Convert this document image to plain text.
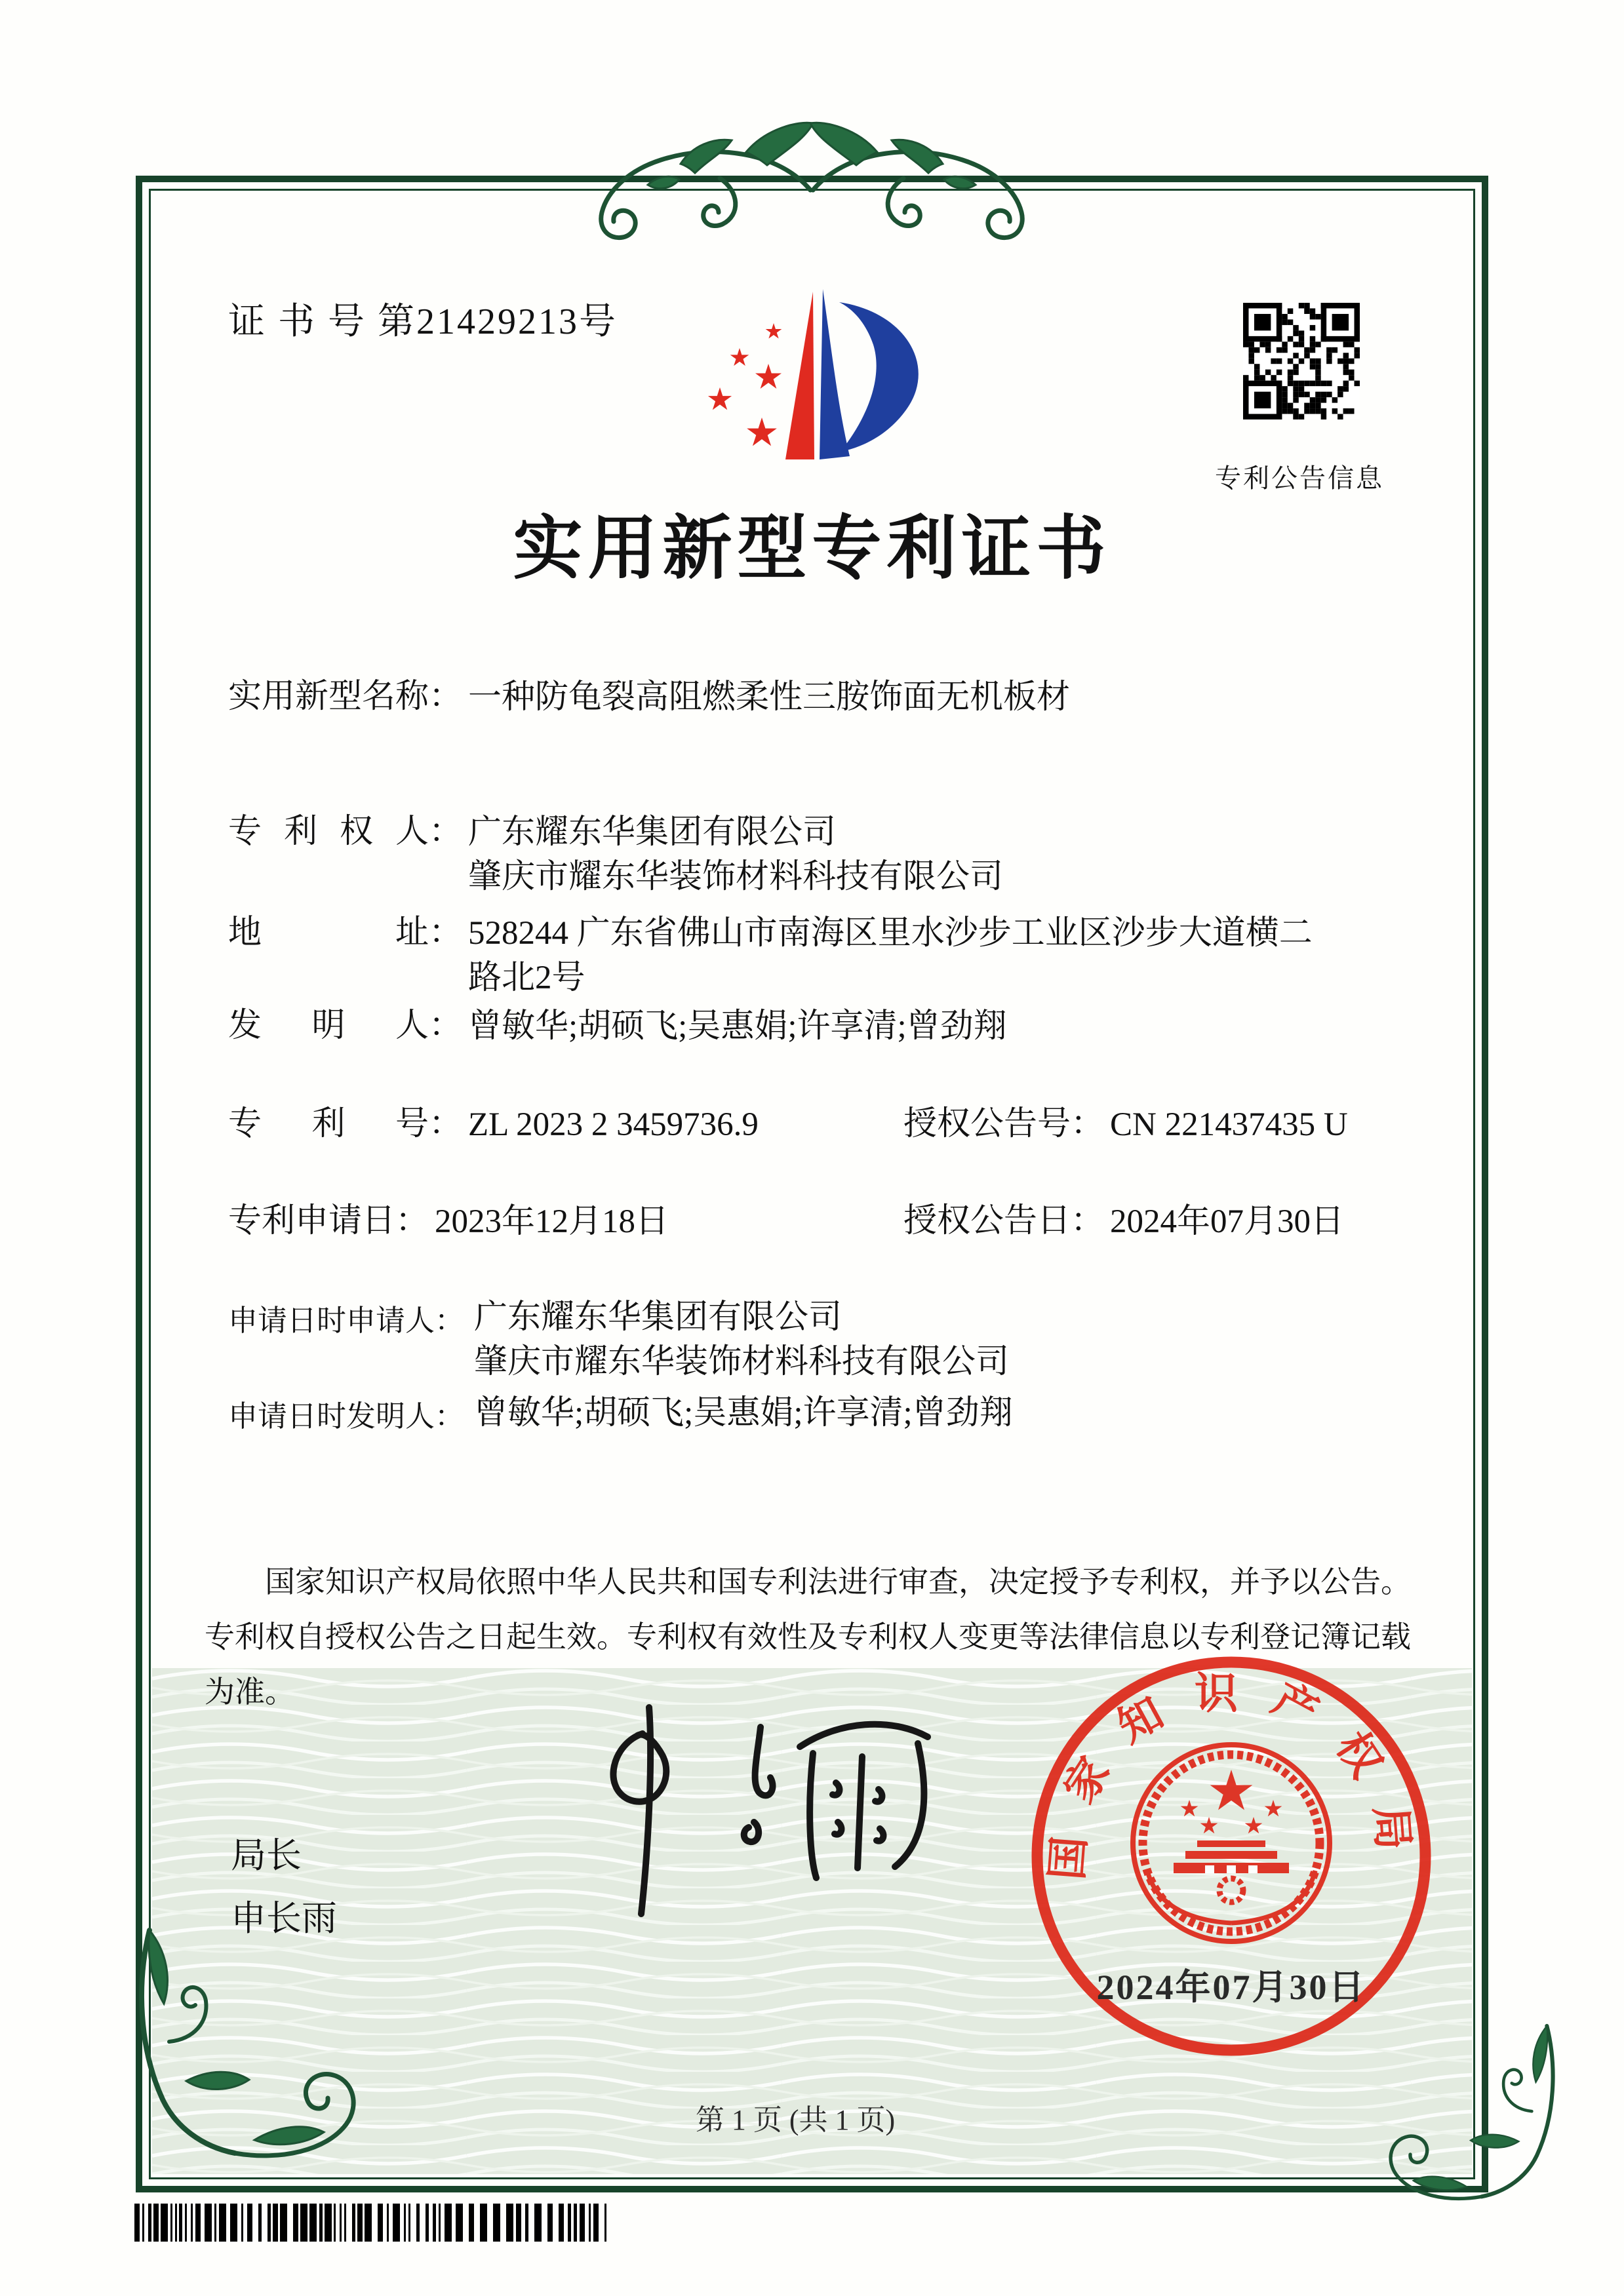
证 书 号 第21429213号
专利公告信息
实用新型专利证书
实用新型名称 ： 一种防龟裂高阻燃柔性三胺饰面无机板材
专利权人 ： 广东耀东华集团有限公司
肇庆市耀东华装饰材料科技有限公司
地址 ： 528244 广东省佛山市南海区里水沙步工业区沙步大道横二
路北2号
发明人 ： 曾敏华;胡硕飞;吴惠娟;许享清;曾劲翔
专利号 ： ZL 2023 2 3459736.9	授权公告号 ： CN 221437435 U
专利申请日 ： 2023年12月18日	授权公告日 ： 2024年07月30日
申请日时申请人 ： 广东耀东华集团有限公司
肇庆市耀东华装饰材料科技有限公司
申请日时发明人 ： 曾敏华;胡硕飞;吴惠娟;许享清;曾劲翔
国家知识产权局依照中华人民共和国专利法进行审查，决定授予专利权，并予以公告。
专利权自授权公告之日起生效。专利权有效性及专利权人变更等法律信息以专利登记簿记载为准。
局长
申长雨
国家知识产权局
2024年07月30日
第 1 页 (共 1 页)
